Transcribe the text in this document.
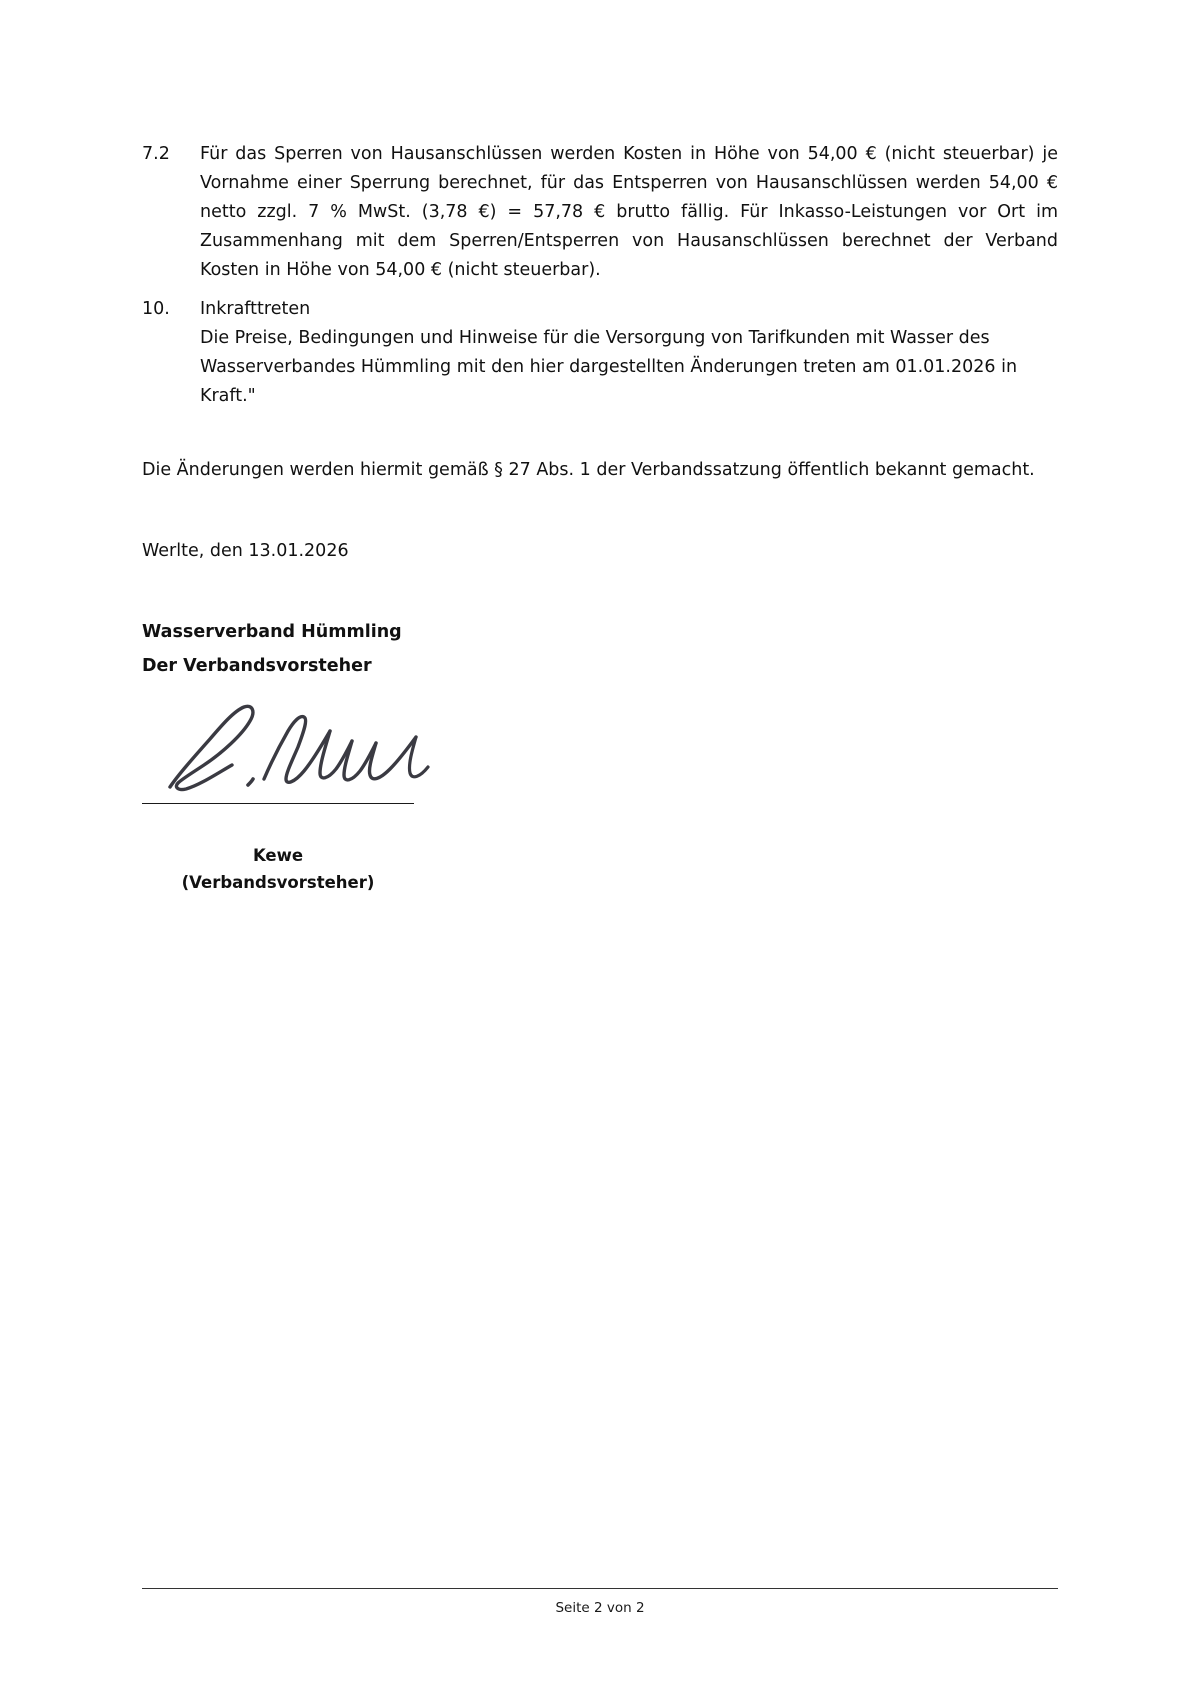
7.2	Für das Sperren von Hausanschlüssen werden Kosten in Höhe von 54,00 € (nicht steuerbar) je Vornahme einer Sperrung berechnet, für das Entsperren von Hausanschlüssen werden 54,00 € netto zzgl. 7 % MwSt. (3,78 €) = 57,78 € brutto fällig. Für Inkasso-Leistungen vor Ort im Zusammenhang mit dem Sperren/Entsperren von Hausanschlüssen berechnet der Verband Kosten in Höhe von 54,00 € (nicht steuerbar).
10.	Inkrafttreten
Die Preise, Bedingungen und Hinweise für die Versorgung von Tarifkunden mit Wasser des Wasserverbandes Hümmling mit den hier dargestellten Änderungen treten am 01.01.2026 in Kraft."
Die Änderungen werden hiermit gemäß § 27 Abs. 1 der Verbandssatzung öffentlich bekannt gemacht.
Werlte, den 13.01.2026
Wasserverband Hümmling
Der Verbandsvorsteher
Kewe
(Verbandsvorsteher)
Seite 2 von 2
